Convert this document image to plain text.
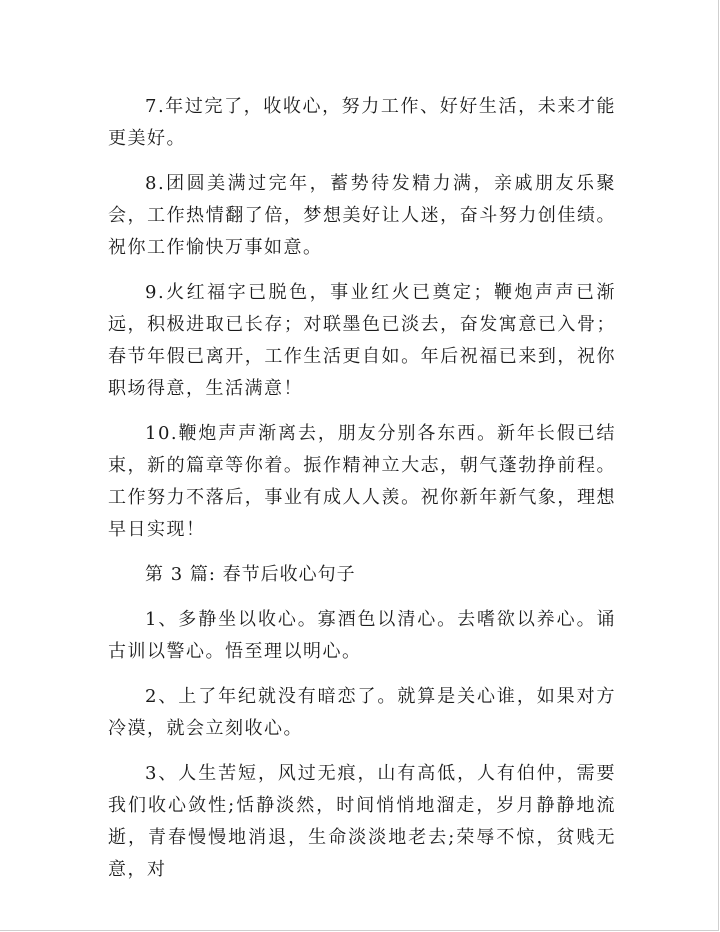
7.年过完了，收收心，努力工作、好好生活，未来才能更美好。

8.团圆美满过完年，蓄势待发精力满，亲戚朋友乐聚会，工作热情翻了倍，梦想美好让人迷，奋斗努力创佳绩。祝你工作愉快万事如意。

9.火红福字已脱色，事业红火已奠定；鞭炮声声已渐远，积极进取已长存；对联墨色已淡去，奋发寓意已入骨；春节年假已离开，工作生活更自如。年后祝福已来到，祝你职场得意，生活满意！

10.鞭炮声声渐离去，朋友分别各东西。新年长假已结束，新的篇章等你着。振作精神立大志，朝气蓬勃挣前程。工作努力不落后，事业有成人人羡。祝你新年新气象，理想早日实现！

第 3 篇: 春节后收心句子

1、多静坐以收心。寡酒色以清心。去嗜欲以养心。诵古训以警心。悟至理以明心。

2、上了年纪就没有暗恋了。就算是关心谁，如果对方冷漠，就会立刻收心。

3、人生苦短，风过无痕，山有高低，人有伯仲，需要我们收心敛性;恬静淡然，时间悄悄地溜走，岁月静静地流逝，青春慢慢地消退，生命淡淡地老去;荣辱不惊，贫贱无意，对
